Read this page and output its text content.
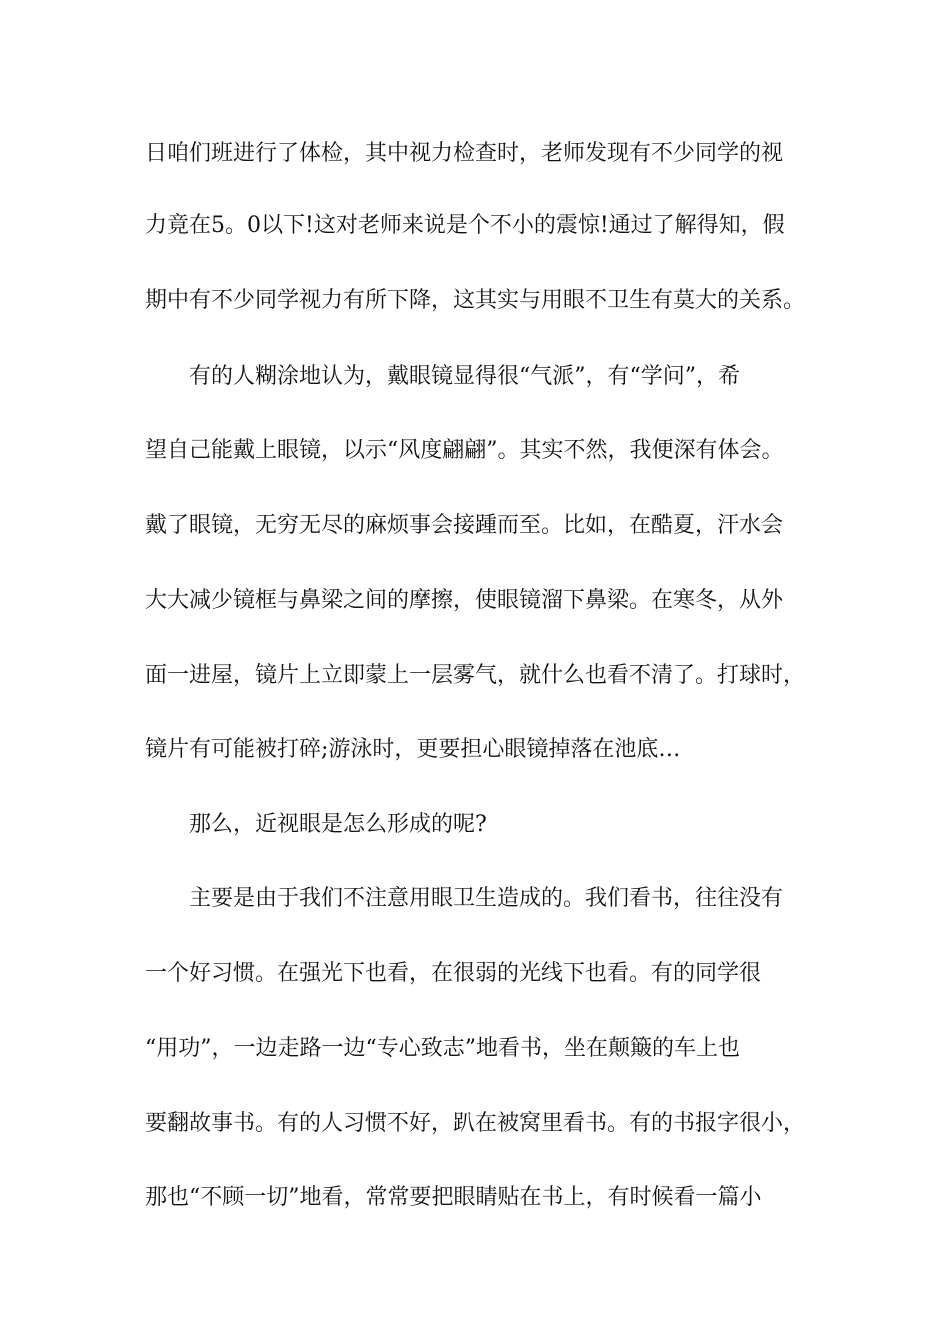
日咱们班进行了体检，其中视力检查时，老师发现有不少同学的视
力竟在5。0以下!这对老师来说是个不小的震惊!通过了解得知，假
期中有不少同学视力有所下降，这其实与用眼不卫生有莫大的关系。
有的人糊涂地认为，戴眼镜显得很“气派”，有“学问”，希
望自己能戴上眼镜，以示“风度翩翩”。其实不然，我便深有体会。
戴了眼镜，无穷无尽的麻烦事会接踵而至。比如，在酷夏，汗水会
大大减少镜框与鼻梁之间的摩擦，使眼镜溜下鼻梁。在寒冬，从外
面一进屋，镜片上立即蒙上一层雾气，就什么也看不清了。打球时，
镜片有可能被打碎;游泳时，更要担心眼镜掉落在池底…
那么，近视眼是怎么形成的呢?
主要是由于我们不注意用眼卫生造成的。我们看书，往往没有
一个好习惯。在强光下也看，在很弱的光线下也看。有的同学很
“用功”，一边走路一边“专心致志”地看书，坐在颠簸的车上也
要翻故事书。有的人习惯不好，趴在被窝里看书。有的书报字很小，
那也“不顾一切”地看，常常要把眼睛贴在书上，有时候看一篇小
